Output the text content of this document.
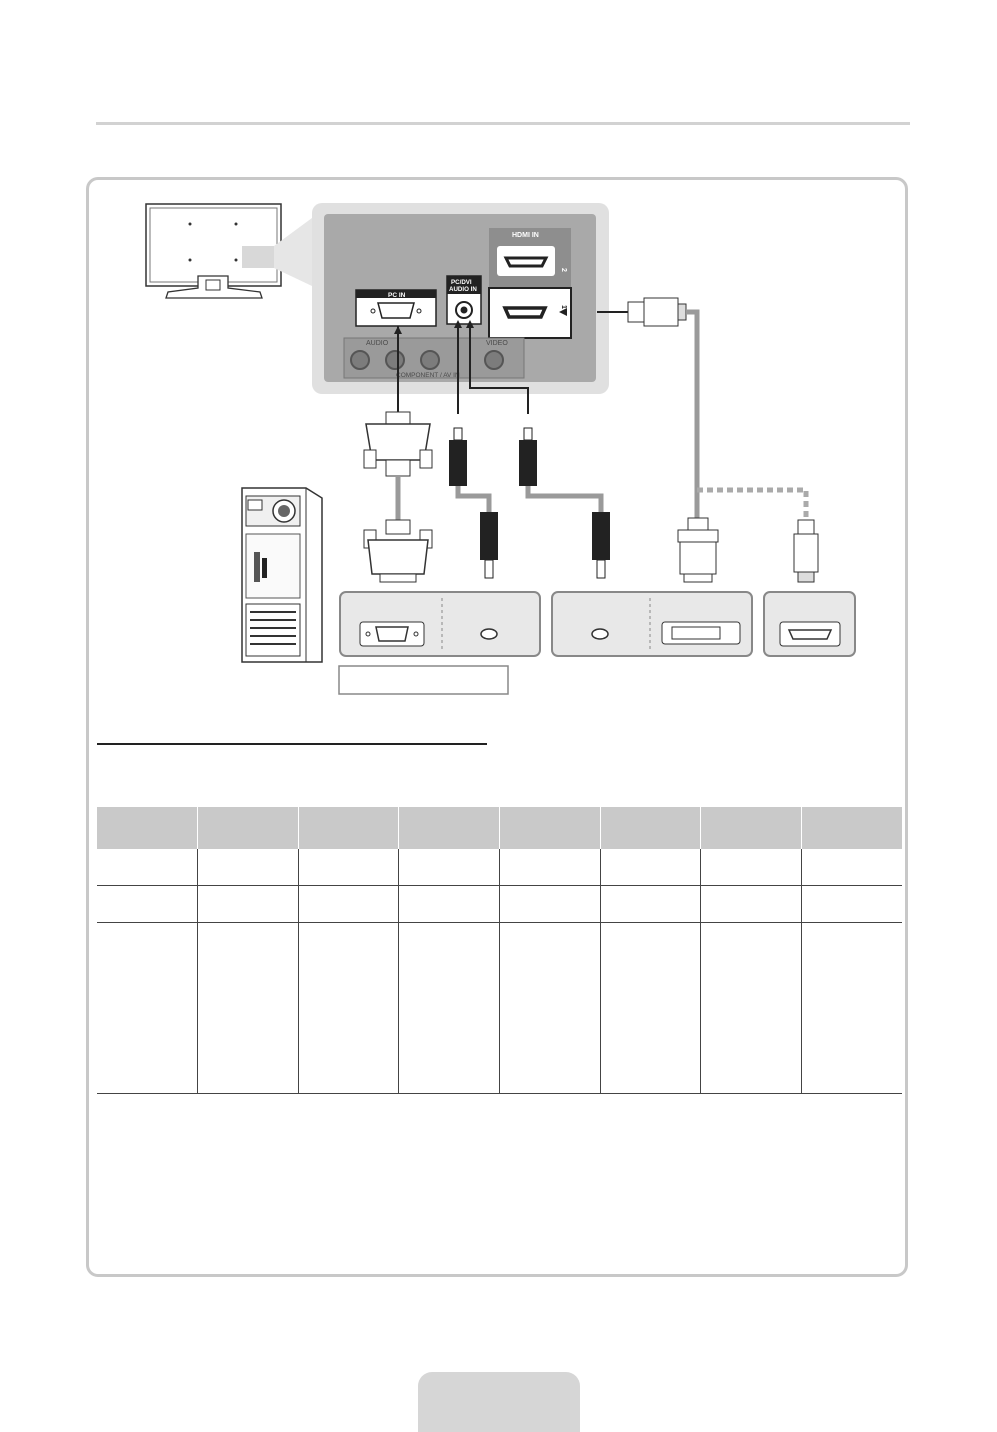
HDMI IN
2
1
PC IN
PC/DVI
AUDIO IN
AUDIO	VIDEO
COMPONENT / AV IN
